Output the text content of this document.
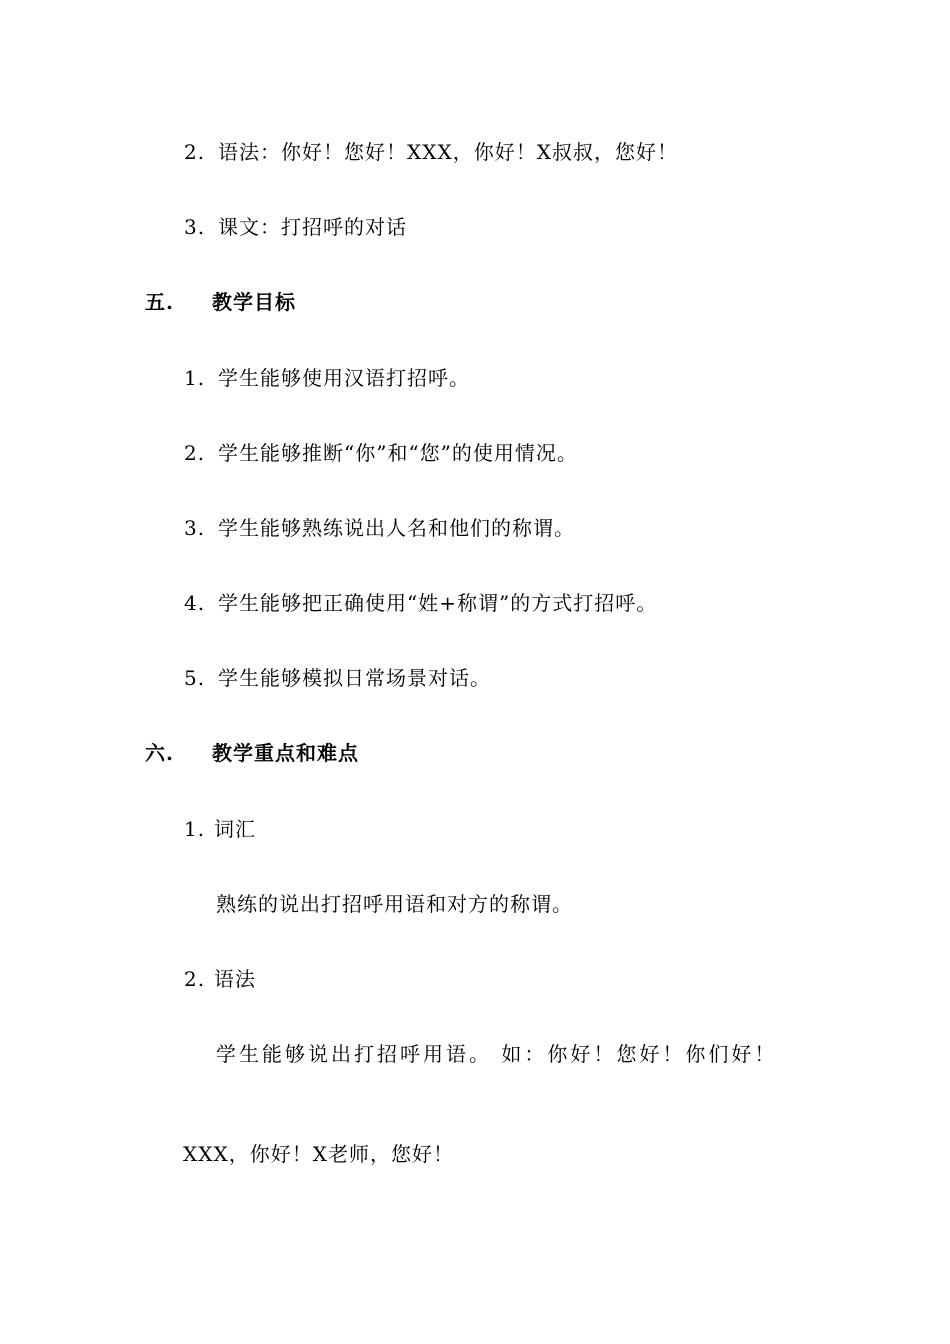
2. 语法：你好！您好！XXX，你好！X叔叔，您好！
3. 课文：打招呼的对话
五. 教学目标
1. 学生能够使用汉语打招呼。
2. 学生能够推断“你”和“您”的使用情况。
3. 学生能够熟练说出人名和他们的称谓。
4. 学生能够把正确使用“姓+称谓”的方式打招呼。
5. 学生能够模拟日常场景对话。
六. 教学重点和难点
1. 词汇
熟练的说出打招呼用语和对方的称谓。
2. 语法
学生能够说出打招呼用语。 如：你好！您好！你们好！
XXX，你好！X老师，您好！
